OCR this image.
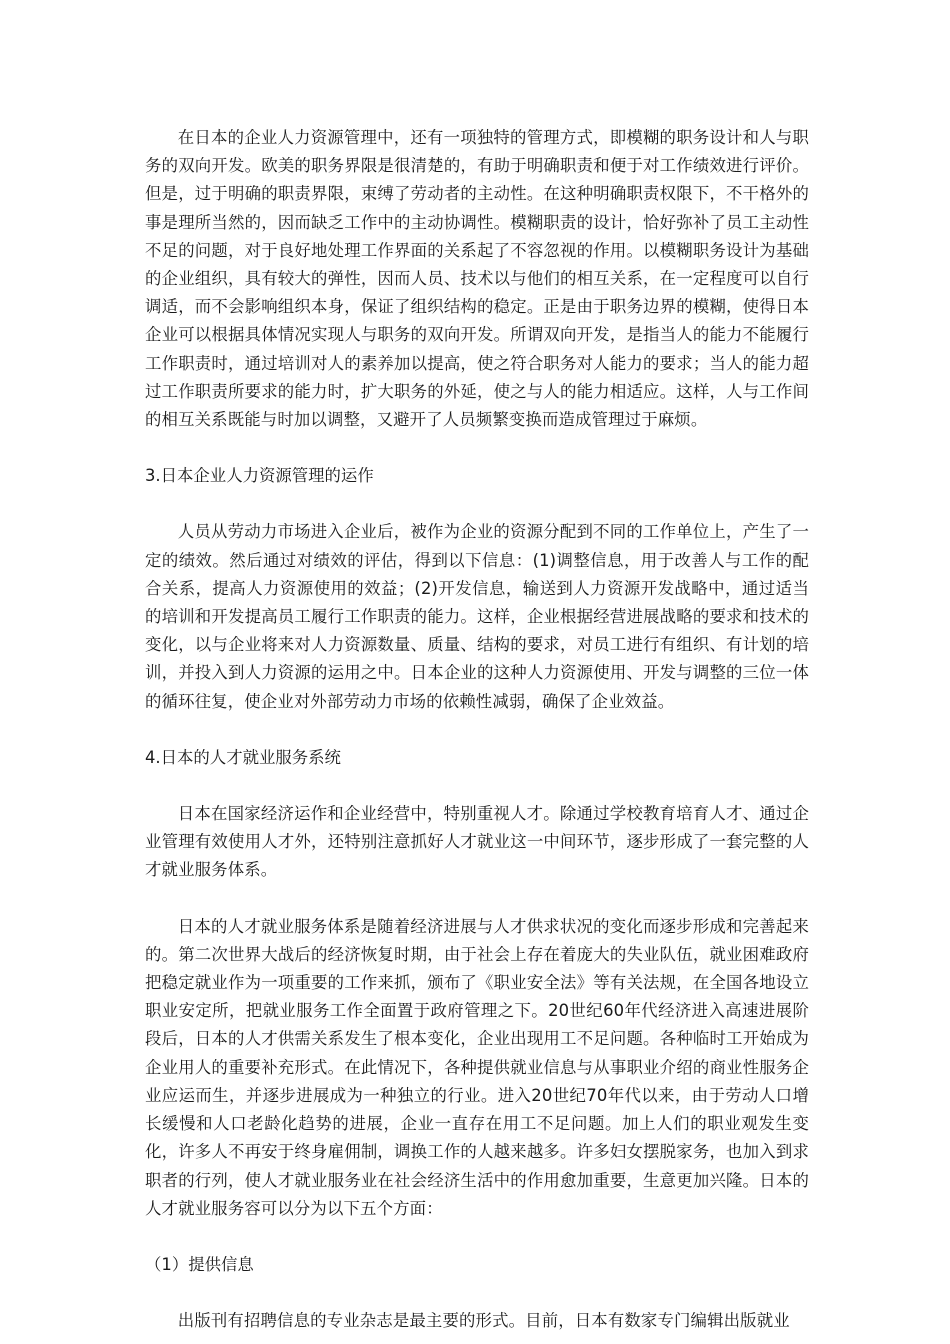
在日本的企业人力资源管理中，还有一项独特的管理方式，即模糊的职务设计和人与职务的双向开发。欧美的职务界限是很清楚的，有助于明确职责和便于对工作绩效进行评价。但是，过于明确的职责界限，束缚了劳动者的主动性。在这种明确职责权限下，不干格外的事是理所当然的，因而缺乏工作中的主动协调性。模糊职责的设计，恰好弥补了员工主动性不足的问题，对于良好地处理工作界面的关系起了不容忽视的作用。以模糊职务设计为基础的企业组织，具有较大的弹性，因而人员、技术以与他们的相互关系，在一定程度可以自行调适，而不会影响组织本身，保证了组织结构的稳定。正是由于职务边界的模糊，使得日本企业可以根据具体情况实现人与职务的双向开发。所谓双向开发，是指当人的能力不能履行工作职责时，通过培训对人的素养加以提高，使之符合职务对人能力的要求；当人的能力超过工作职责所要求的能力时，扩大职务的外延，使之与人的能力相适应。这样，人与工作间的相互关系既能与时加以调整，又避开了人员频繁变换而造成管理过于麻烦。

3.日本企业人力资源管理的运作

人员从劳动力市场进入企业后，被作为企业的资源分配到不同的工作单位上，产生了一定的绩效。然后通过对绩效的评估，得到以下信息：(1)调整信息，用于改善人与工作的配合关系，提高人力资源使用的效益；(2)开发信息，输送到人力资源开发战略中，通过适当的培训和开发提高员工履行工作职责的能力。这样，企业根据经营进展战略的要求和技术的变化，以与企业将来对人力资源数量、质量、结构的要求，对员工进行有组织、有计划的培训，并投入到人力资源的运用之中。日本企业的这种人力资源使用、开发与调整的三位一体的循环往复，使企业对外部劳动力市场的依赖性减弱，确保了企业效益。

4.日本的人才就业服务系统

日本在国家经济运作和企业经营中，特别重视人才。除通过学校教育培育人才、通过企业管理有效使用人才外，还特别注意抓好人才就业这一中间环节，逐步形成了一套完整的人才就业服务体系。

日本的人才就业服务体系是随着经济进展与人才供求状况的变化而逐步形成和完善起来的。第二次世界大战后的经济恢复时期，由于社会上存在着庞大的失业队伍，就业困难政府把稳定就业作为一项重要的工作来抓，颁布了《职业安全法》等有关法规，在全国各地设立职业安定所，把就业服务工作全面置于政府管理之下。20世纪60年代经济进入高速进展阶段后，日本的人才供需关系发生了根本变化，企业出现用工不足问题。各种临时工开始成为企业用人的重要补充形式。在此情况下，各种提供就业信息与从事职业介绍的商业性服务企业应运而生，并逐步进展成为一种独立的行业。进入20世纪70年代以来，由于劳动人口增长缓慢和人口老龄化趋势的进展，企业一直存在用工不足问题。加上人们的职业观发生变化，许多人不再安于终身雇佣制，调换工作的人越来越多。许多妇女摆脱家务，也加入到求职者的行列，使人才就业服务业在社会经济生活中的作用愈加重要，生意更加兴隆。日本的人才就业服务容可以分为以下五个方面：

（1）提供信息

出版刊有招聘信息的专业杂志是最主要的形式。目前，日本有数家专门编辑出版就业
